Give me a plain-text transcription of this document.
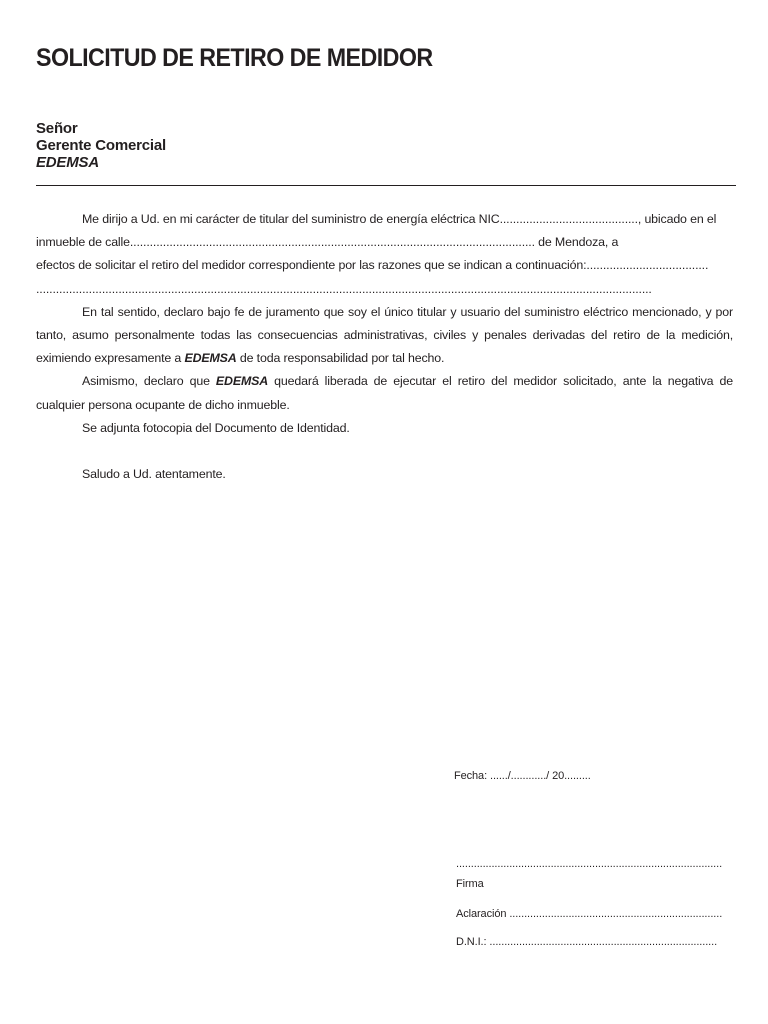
SOLICITUD DE RETIRO DE MEDIDOR
Señor
Gerente Comercial
EDEMSA

Me dirijo a Ud. en mi carácter de titular del suministro de energía eléctrica NIC.........................................., ubicado en el

inmueble de calle........................................................................................................................... de Mendoza, a

efectos de solicitar el retiro del medidor correspondiente por las razones que se indican a continuación:.....................................

...........................................................................................................................................................................................

En tal sentido, declaro bajo fe de juramento que soy el único titular y usuario del suministro eléctrico mencionado, y por tanto, asumo personalmente todas las consecuencias administrativas, civiles y penales derivadas del retiro de la medición, eximiendo expresamente a EDEMSA de toda responsabilidad por tal hecho.

Asimismo, declaro que EDEMSA quedará liberada de ejecutar el retiro del medidor solicitado, ante la negativa de cualquier persona ocupante de dicho inmueble.

Se adjunta fotocopia del Documento de Identidad.

Saludo a Ud. atentamente.

Fecha: ....../............/ 20.........
..........................................................................................
Firma
Aclaración ........................................................................
D.N.I.: .............................................................................
